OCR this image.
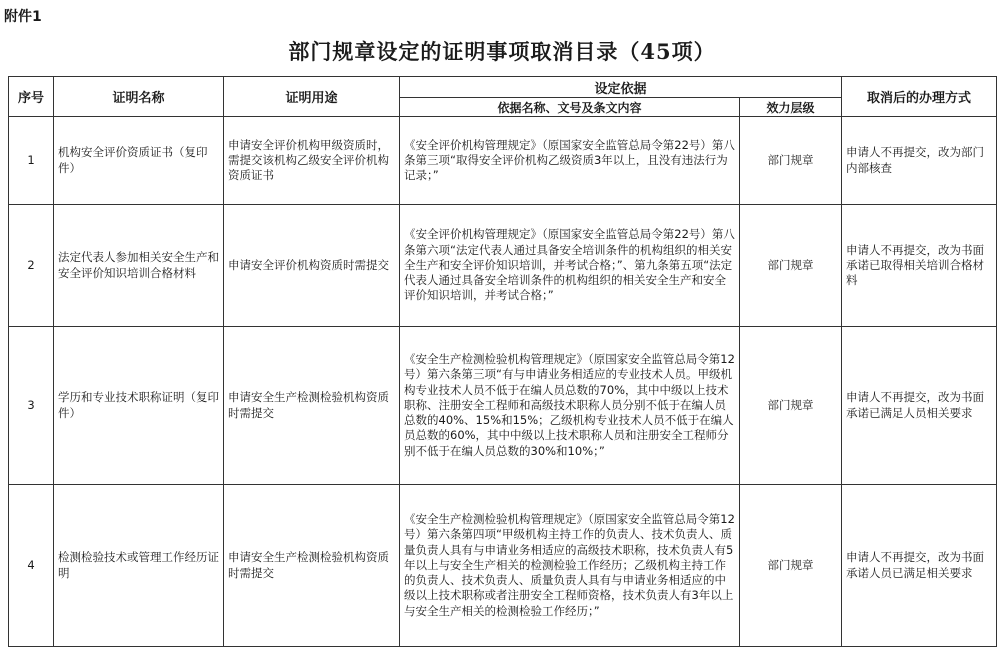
附件1
部门规章设定的证明事项取消目录（45项）
序号	证明名称	证明用途	设定依据		取消后的办理方式
			依据名称、文号及条文内容	效力层级	
1	机构安全评价资质证书（复印件）	申请安全评价机构甲级资质时，需提交该机构乙级安全评价机构资质证书	《安全评价机构管理规定》（原国家安全监管总局令第22号）第八条第三项“取得安全评价机构乙级资质3年以上，且没有违法行为记录；”	部门规章	申请人不再提交，改为部门内部核查
2	法定代表人参加相关安全生产和安全评价知识培训合格材料	申请安全评价机构资质时需提交	《安全评价机构管理规定》（原国家安全监管总局令第22号）第八条第六项“法定代表人通过具备安全培训条件的机构组织的相关安全生产和安全评价知识培训，并考试合格；”、第九条第五项“法定代表人通过具备安全培训条件的机构组织的相关安全生产和安全评价知识培训，并考试合格；”	部门规章	申请人不再提交，改为书面承诺已取得相关培训合格材料
3	学历和专业技术职称证明（复印件）	申请安全生产检测检验机构资质时需提交	《安全生产检测检验机构管理规定》（原国家安全监管总局令第12号）第六条第三项“有与申请业务相适应的专业技术人员。甲级机构专业技术人员不低于在编人员总数的70%，其中中级以上技术职称、注册安全工程师和高级技术职称人员分别不低于在编人员总数的40%、15%和15%；乙级机构专业技术人员不低于在编人员总数的60%，其中中级以上技术职称人员和注册安全工程师分别不低于在编人员总数的30%和10%；”	部门规章	申请人不再提交，改为书面承诺已满足人员相关要求
4	检测检验技术或管理工作经历证明	申请安全生产检测检验机构资质时需提交	《安全生产检测检验机构管理规定》（原国家安全监管总局令第12号）第六条第四项“甲级机构主持工作的负责人、技术负责人、质量负责人具有与申请业务相适应的高级技术职称，技术负责人有5年以上与安全生产相关的检测检验工作经历；乙级机构主持工作的负责人、技术负责人、质量负责人具有与申请业务相适应的中级以上技术职称或者注册安全工程师资格，技术负责人有3年以上与安全生产相关的检测检验工作经历；”	部门规章	申请人不再提交，改为书面承诺人员已满足相关要求
